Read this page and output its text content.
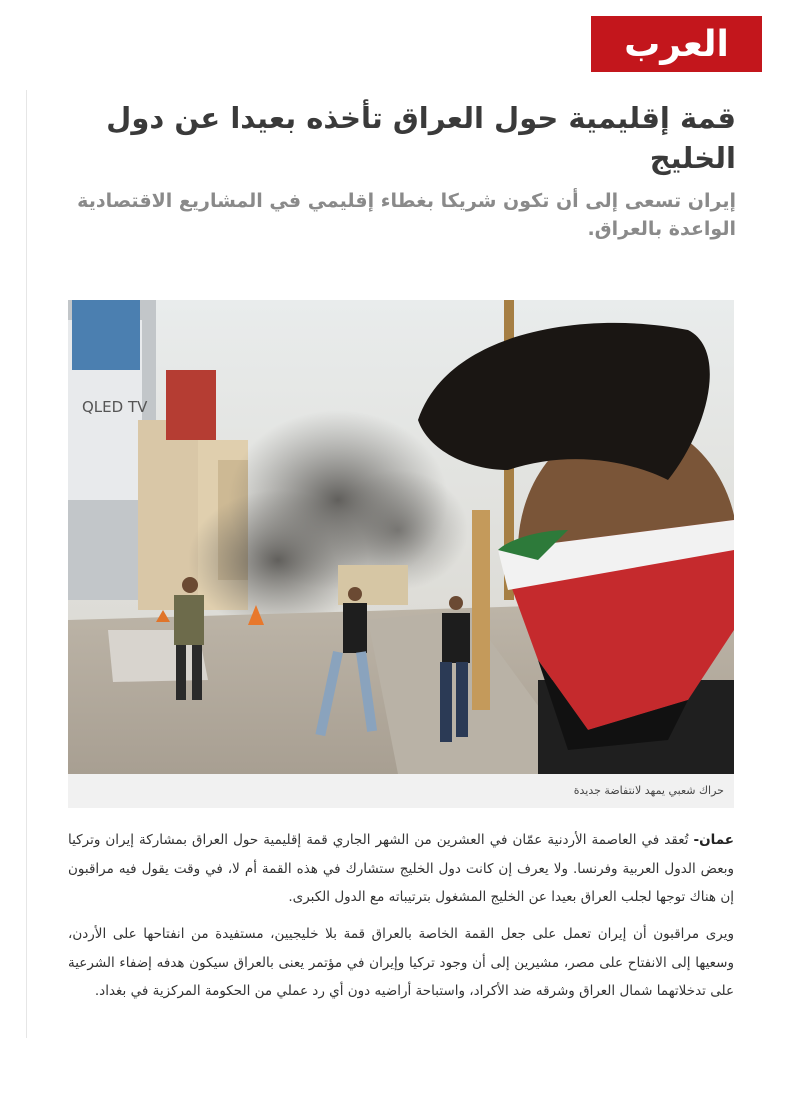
العرب
قمة إقليمية حول العراق تأخذه بعيدا عن دول الخليج
إيران تسعى إلى أن تكون شريكا بغطاء إقليمي في المشاريع الاقتصادية الواعدة بالعراق.
QLED TV
حراك شعبي يمهد لانتفاضة جديدة

عمان- تُعقد في العاصمة الأردنية عمّان في العشرين من الشهر الجاري قمة إقليمية حول العراق بمشاركة إيران وتركيا وبعض الدول العربية وفرنسا. ولا يعرف إن كانت دول الخليج ستشارك في هذه القمة أم لا، في وقت يقول فيه مراقبون إن هناك توجها لجلب العراق بعيدا عن الخليج المشغول بترتيباته مع الدول الكبرى.

ويرى مراقبون أن إيران تعمل على جعل القمة الخاصة بالعراق قمة بلا خليجيين، مستفيدة من انفتاحها على الأردن، وسعيها إلى الانفتاح على مصر، مشيرين إلى أن وجود تركيا وإيران في مؤتمر يعنى بالعراق سيكون هدفه إضفاء الشرعية على تدخلاتهما شمال العراق وشرقه ضد الأكراد، واستباحة أراضيه دون أي رد عملي من الحكومة المركزية في بغداد.
